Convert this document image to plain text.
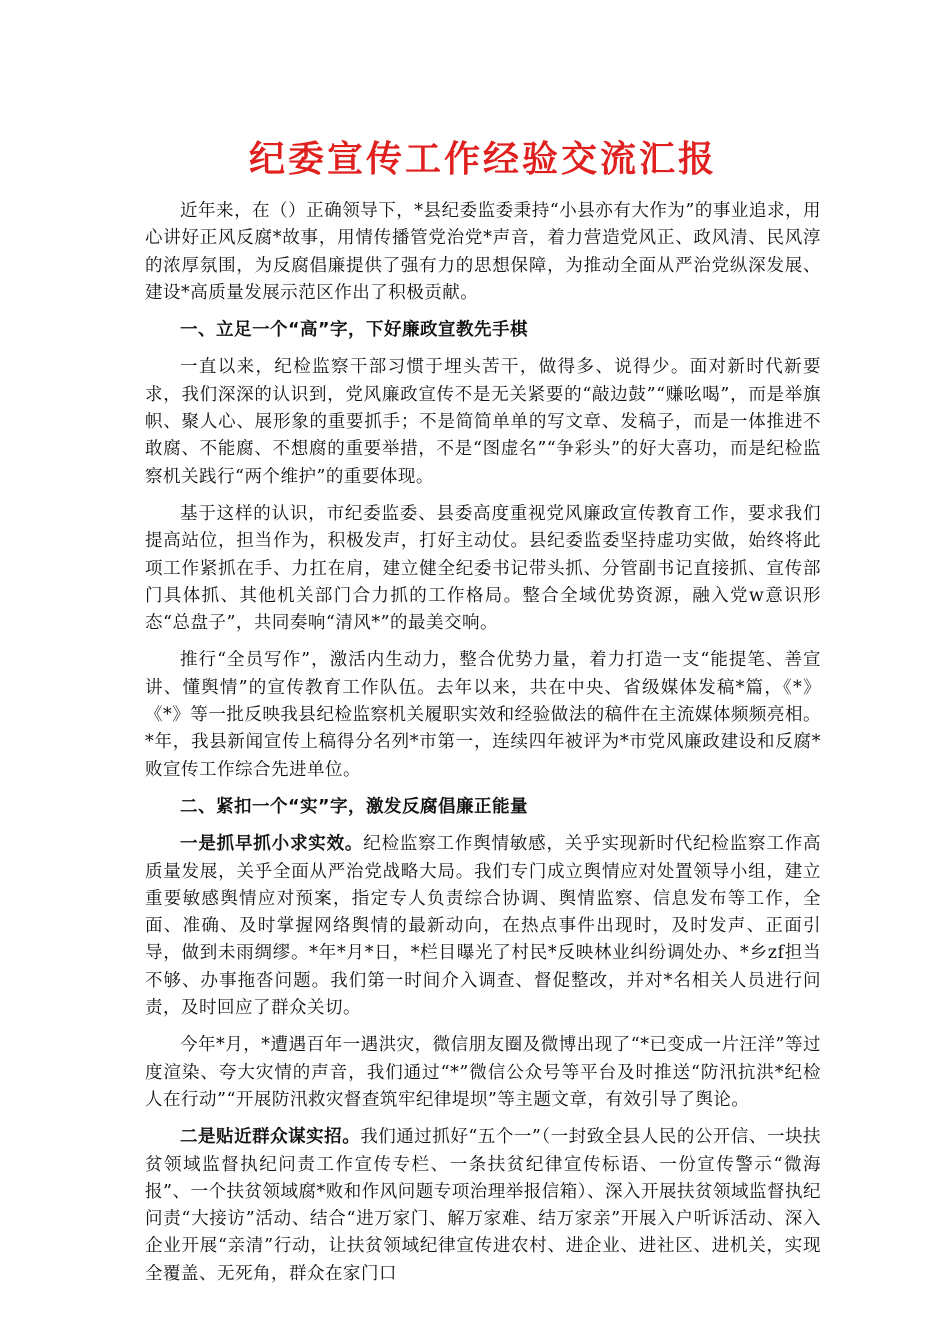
纪委宣传工作经验交流汇报

近年来，在（）正确领导下，*县纪委监委秉持“小县亦有大作为”的事业追求，用心讲好正风反腐*故事，用情传播管党治党*声音，着力营造党风正、政风清、民风淳的浓厚氛围，为反腐倡廉提供了强有力的思想保障，为推动全面从严治党纵深发展、建设*高质量发展示范区作出了积极贡献。

一、立足一个“高”字，下好廉政宣教先手棋

一直以来，纪检监察干部习惯于埋头苦干，做得多、说得少。面对新时代新要求，我们深深的认识到，党风廉政宣传不是无关紧要的“敲边鼓”“赚吆喝”，而是举旗帜、聚人心、展形象的重要抓手；不是简简单单的写文章、发稿子，而是一体推进不敢腐、不能腐、不想腐的重要举措，不是“图虚名”“争彩头”的好大喜功，而是纪检监察机关践行“两个维护”的重要体现。

基于这样的认识，市纪委监委、县委高度重视党风廉政宣传教育工作，要求我们提高站位，担当作为，积极发声，打好主动仗。县纪委监委坚持虚功实做，始终将此项工作紧抓在手、力扛在肩，建立健全纪委书记带头抓、分管副书记直接抓、宣传部门具体抓、其他机关部门合力抓的工作格局。整合全域优势资源，融入党w意识形态“总盘子”，共同奏响“清风*”的最美交响。

推行“全员写作”，激活内生动力，整合优势力量，着力打造一支“能提笔、善宣讲、懂舆情”的宣传教育工作队伍。去年以来，共在中央、省级媒体发稿*篇，《*》《*》等一批反映我县纪检监察机关履职实效和经验做法的稿件在主流媒体频频亮相。*年，我县新闻宣传上稿得分名列*市第一，连续四年被评为*市党风廉政建设和反腐*败宣传工作综合先进单位。

二、紧扣一个“实”字，激发反腐倡廉正能量

一是抓早抓小求实效。纪检监察工作舆情敏感，关乎实现新时代纪检监察工作高质量发展，关乎全面从严治党战略大局。我们专门成立舆情应对处置领导小组，建立重要敏感舆情应对预案，指定专人负责综合协调、舆情监察、信息发布等工作，全面、准确、及时掌握网络舆情的最新动向，在热点事件出现时，及时发声、正面引导，做到未雨绸缪。*年*月*日，*栏目曝光了村民*反映林业纠纷调处办、*乡zf担当不够、办事拖沓问题。我们第一时间介入调查、督促整改，并对*名相关人员进行问责，及时回应了群众关切。

今年*月，*遭遇百年一遇洪灾，微信朋友圈及微博出现了“*已变成一片汪洋”等过度渲染、夸大灾情的声音，我们通过“*”微信公众号等平台及时推送“防汛抗洪*纪检人在行动”“开展防汛救灾督查筑牢纪律堤坝”等主题文章，有效引导了舆论。

二是贴近群众谋实招。我们通过抓好“五个一”（一封致全县人民的公开信、一块扶贫领域监督执纪问责工作宣传专栏、一条扶贫纪律宣传标语、一份宣传警示“微海报”、一个扶贫领域腐*败和作风问题专项治理举报信箱）、深入开展扶贫领域监督执纪问责“大接访”活动、结合“进万家门、解万家难、结万家亲”开展入户听诉活动、深入企业开展“亲清”行动，让扶贫领域纪律宣传进农村、进企业、进社区、进机关，实现全覆盖、无死角，群众在家门口
